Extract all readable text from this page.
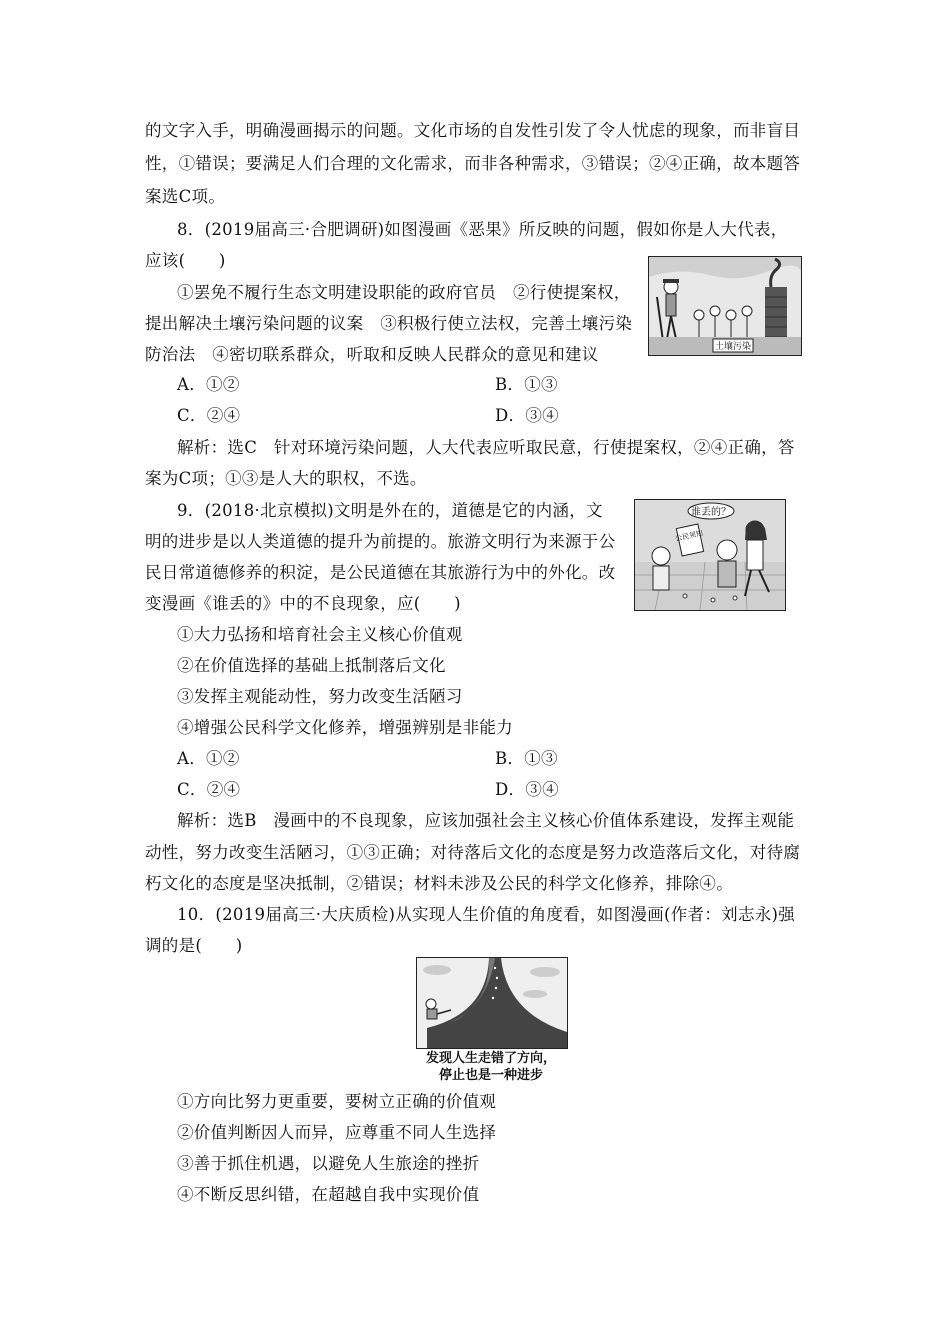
的文字入手，明确漫画揭示的问题。文化市场的自发性引发了令人忧虑的现象，而非盲目
性，①错误；要满足人们合理的文化需求，而非各种需求，③错误；②④正确，故本题答
案选C项。
8．(2019届高三·合肥调研)如图漫画《恶果》所反映的问题，假如你是人大代表，
应该(　　)
①罢免不履行生态文明建设职能的政府官员　②行使提案权，
提出解决土壤污染问题的议案　③积极行使立法权，完善土壤污染
防治法　④密切联系群众，听取和反映人民群众的意见和建议	土壤污染
A．①②	B．①③
C．②④	D．③④
解析：选C　针对环境污染问题，人大代表应听取民意，行使提案权，②④正确，答
案为C项；①③是人大的职权，不选。
9．(2018·北京模拟)文明是外在的，道德是它的内涵，文
明的进步是以人类道德的提升为前提的。旅游文明行为来源于公
民日常道德修养的积淀，是公民道德在其旅游行为中的外化。改
变漫画《谁丢的》中的不良现象，应(　　)
谁丢的？
公民须知
①大力弘扬和培育社会主义核心价值观
②在价值选择的基础上抵制落后文化
③发挥主观能动性，努力改变生活陋习
④增强公民科学文化修养，增强辨别是非能力
A．①②	B．①③
C．②④	D．③④
解析：选B　漫画中的不良现象，应该加强社会主义核心价值体系建设，发挥主观能
动性，努力改变生活陋习，①③正确；对待落后文化的态度是努力改造落后文化，对待腐
朽文化的态度是坚决抵制，②错误；材料未涉及公民的科学文化修养，排除④。
10．(2019届高三·大庆质检)从实现人生价值的角度看，如图漫画(作者：刘志永)强
调的是(　　)
发现人生走错了方向，
停止也是一种进步
①方向比努力更重要，要树立正确的价值观
②价值判断因人而异，应尊重不同人生选择
③善于抓住机遇，以避免人生旅途的挫折
④不断反思纠错，在超越自我中实现价值
